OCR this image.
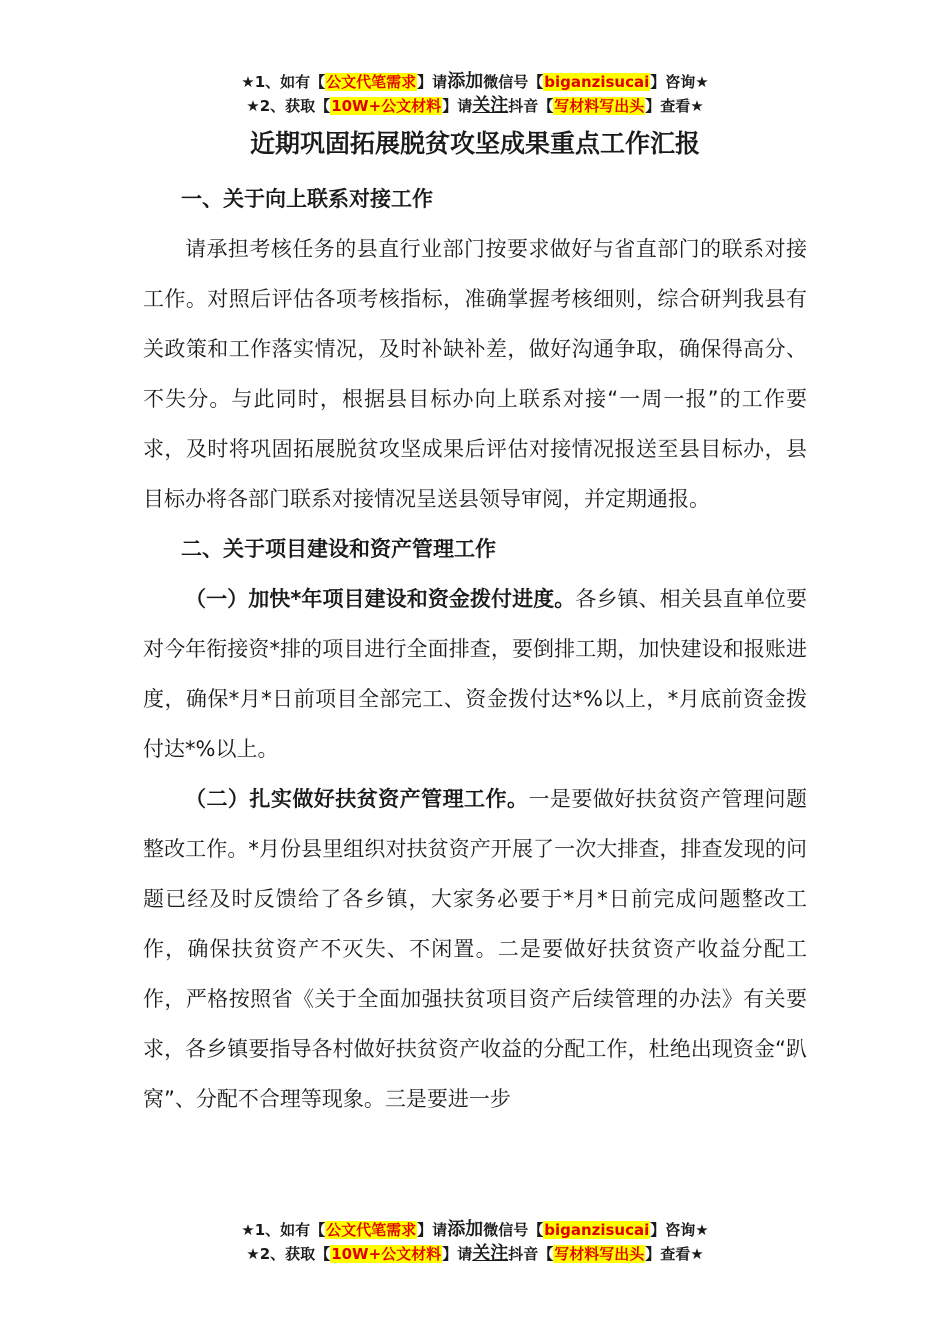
★1、如有【公文代笔需求】请添加微信号【biganzisucai】咨询★
★2、获取【10W+公文材料】请关注抖音【写材料写出头】查看★
近期巩固拓展脱贫攻坚成果重点工作汇报

一、关于向上联系对接工作

请承担考核任务的县直行业部门按要求做好与省直部门的联系对接工作。对照后评估各项考核指标，准确掌握考核细则，综合研判我县有关政策和工作落实情况，及时补缺补差，做好沟通争取，确保得高分、不失分。与此同时，根据县目标办向上联系对接“一周一报”的工作要求，及时将巩固拓展脱贫攻坚成果后评估对接情况报送至县目标办，县目标办将各部门联系对接情况呈送县领导审阅，并定期通报。

二、关于项目建设和资产管理工作

（一）加快*年项目建设和资金拨付进度。各乡镇、相关县直单位要对今年衔接资*排的项目进行全面排查，要倒排工期，加快建设和报账进度，确保*月*日前项目全部完工、资金拨付达*%以上，*月底前资金拨付达*%以上。

（二）扎实做好扶贫资产管理工作。一是要做好扶贫资产管理问题整改工作。*月份县里组织对扶贫资产开展了一次大排查，排查发现的问题已经及时反馈给了各乡镇，大家务必要于*月*日前完成问题整改工作，确保扶贫资产不灭失、不闲置。二是要做好扶贫资产收益分配工作，严格按照省《关于全面加强扶贫项目资产后续管理的办法》有关要求，各乡镇要指导各村做好扶贫资产收益的分配工作，杜绝出现资金“趴窝”、分配不合理等现象。三是要进一步

★1、如有【公文代笔需求】请添加微信号【biganzisucai】咨询★
★2、获取【10W+公文材料】请关注抖音【写材料写出头】查看★
